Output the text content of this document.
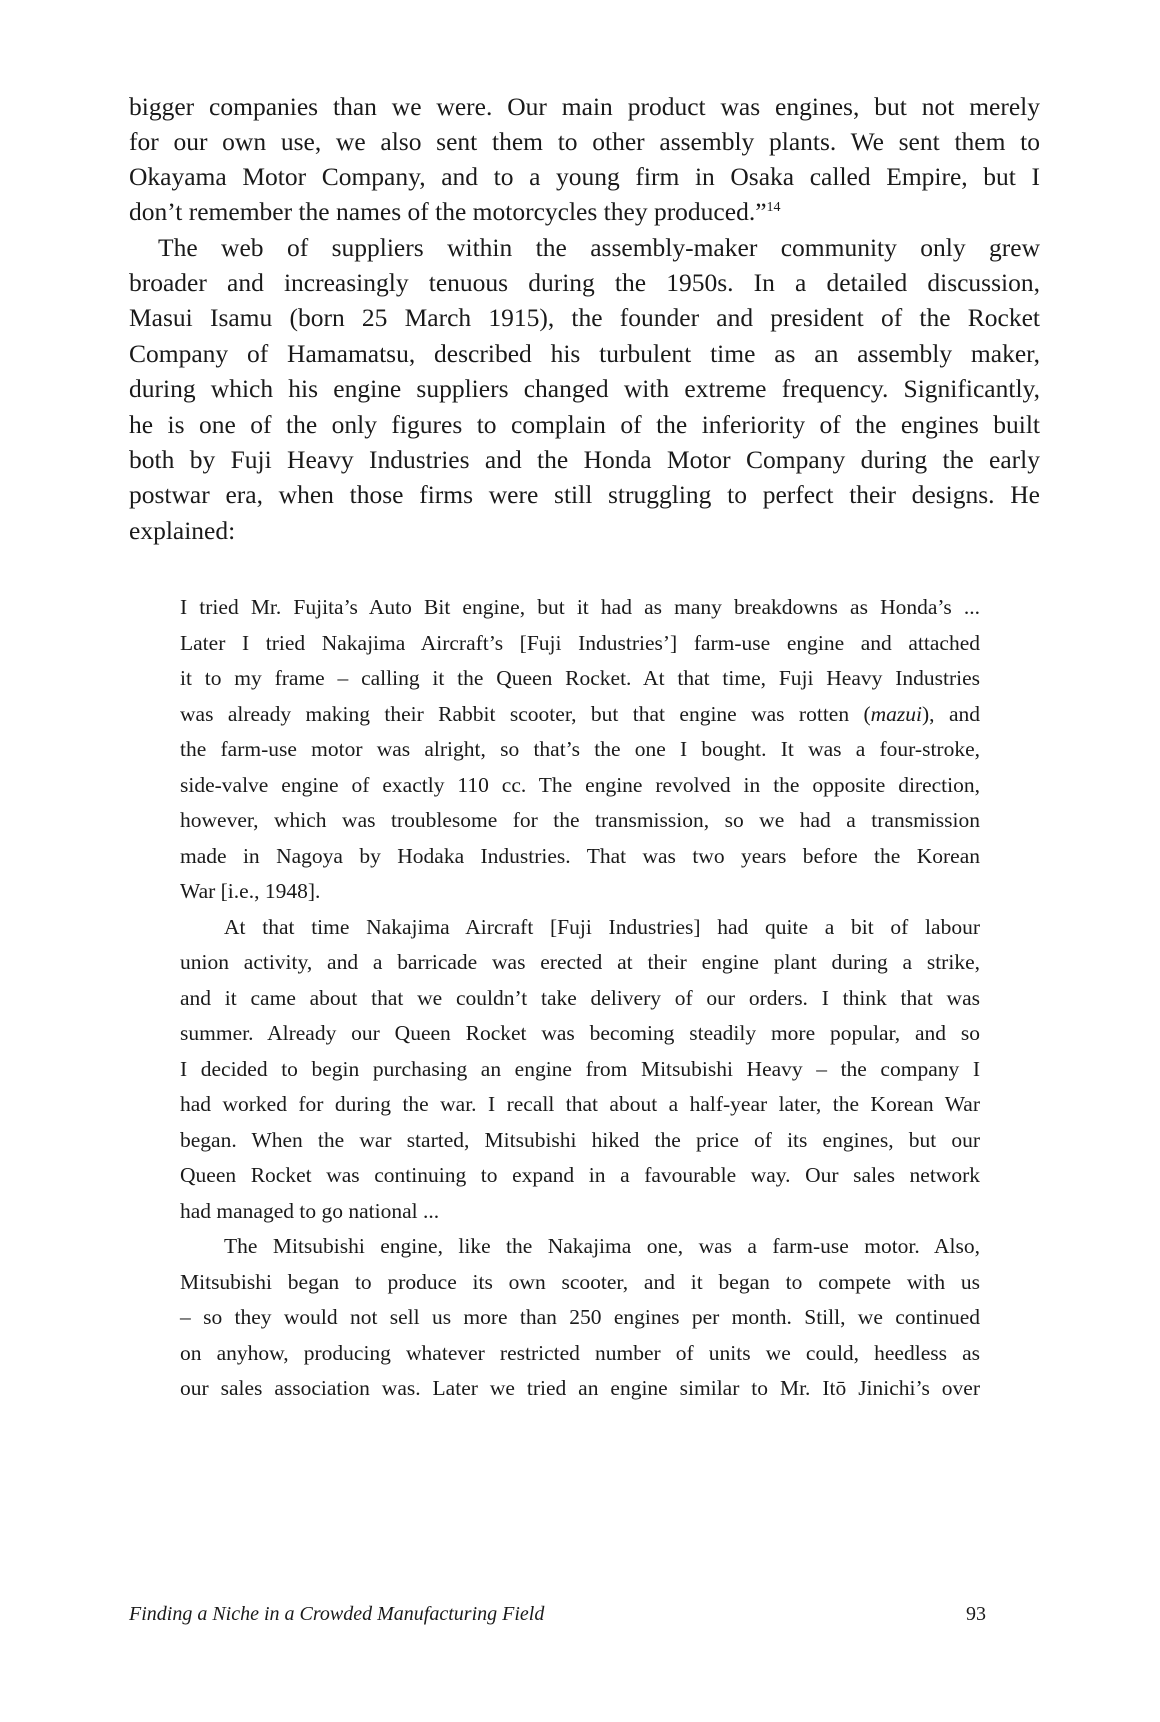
bigger companies than we were. Our main product was engines, but not merely
for our own use, we also sent them to other assembly plants. We sent them to
Okayama Motor Company, and to a young firm in Osaka called Empire, but I
don’t remember the names of the motorcycles they produced.”$^{14}$
The web of suppliers within the assembly-maker community only grew
broader and increasingly tenuous during the 1950s. In a detailed discussion,
Masui Isamu (born 25 March 1915), the founder and president of the Rocket
Company of Hamamatsu, described his turbulent time as an assembly maker,
during which his engine suppliers changed with extreme frequency. Significantly,
he is one of the only figures to complain of the inferiority of the engines built
both by Fuji Heavy Industries and the Honda Motor Company during the early
postwar era, when those firms were still struggling to perfect their designs. He
explained:
I tried Mr. Fujita’s Auto Bit engine, but it had as many breakdowns as Honda’s ...
Later I tried Nakajima Aircraft’s [Fuji Industries’] farm-use engine and attached
it to my frame – calling it the Queen Rocket. At that time, Fuji Heavy Industries
was already making their Rabbit scooter, but that engine was rotten (mazui), and
the farm-use motor was alright, so that’s the one I bought. It was a four-stroke,
side-valve engine of exactly 110 cc. The engine revolved in the opposite direction,
however, which was troublesome for the transmission, so we had a transmission
made in Nagoya by Hodaka Industries. That was two years before the Korean
War [i.e., 1948].
At that time Nakajima Aircraft [Fuji Industries] had quite a bit of labour
union activity, and a barricade was erected at their engine plant during a strike,
and it came about that we couldn’t take delivery of our orders. I think that was
summer. Already our Queen Rocket was becoming steadily more popular, and so
I decided to begin purchasing an engine from Mitsubishi Heavy – the company I
had worked for during the war. I recall that about a half-year later, the Korean War
began. When the war started, Mitsubishi hiked the price of its engines, but our
Queen Rocket was continuing to expand in a favourable way. Our sales network
had managed to go national ...
The Mitsubishi engine, like the Nakajima one, was a farm-use motor. Also,
Mitsubishi began to produce its own scooter, and it began to compete with us
– so they would not sell us more than 250 engines per month. Still, we continued
on anyhow, producing whatever restricted number of units we could, heedless as
our sales association was. Later we tried an engine similar to Mr. Itō Jinichi’s over
Finding a Niche in a Crowded Manufacturing Field	93
